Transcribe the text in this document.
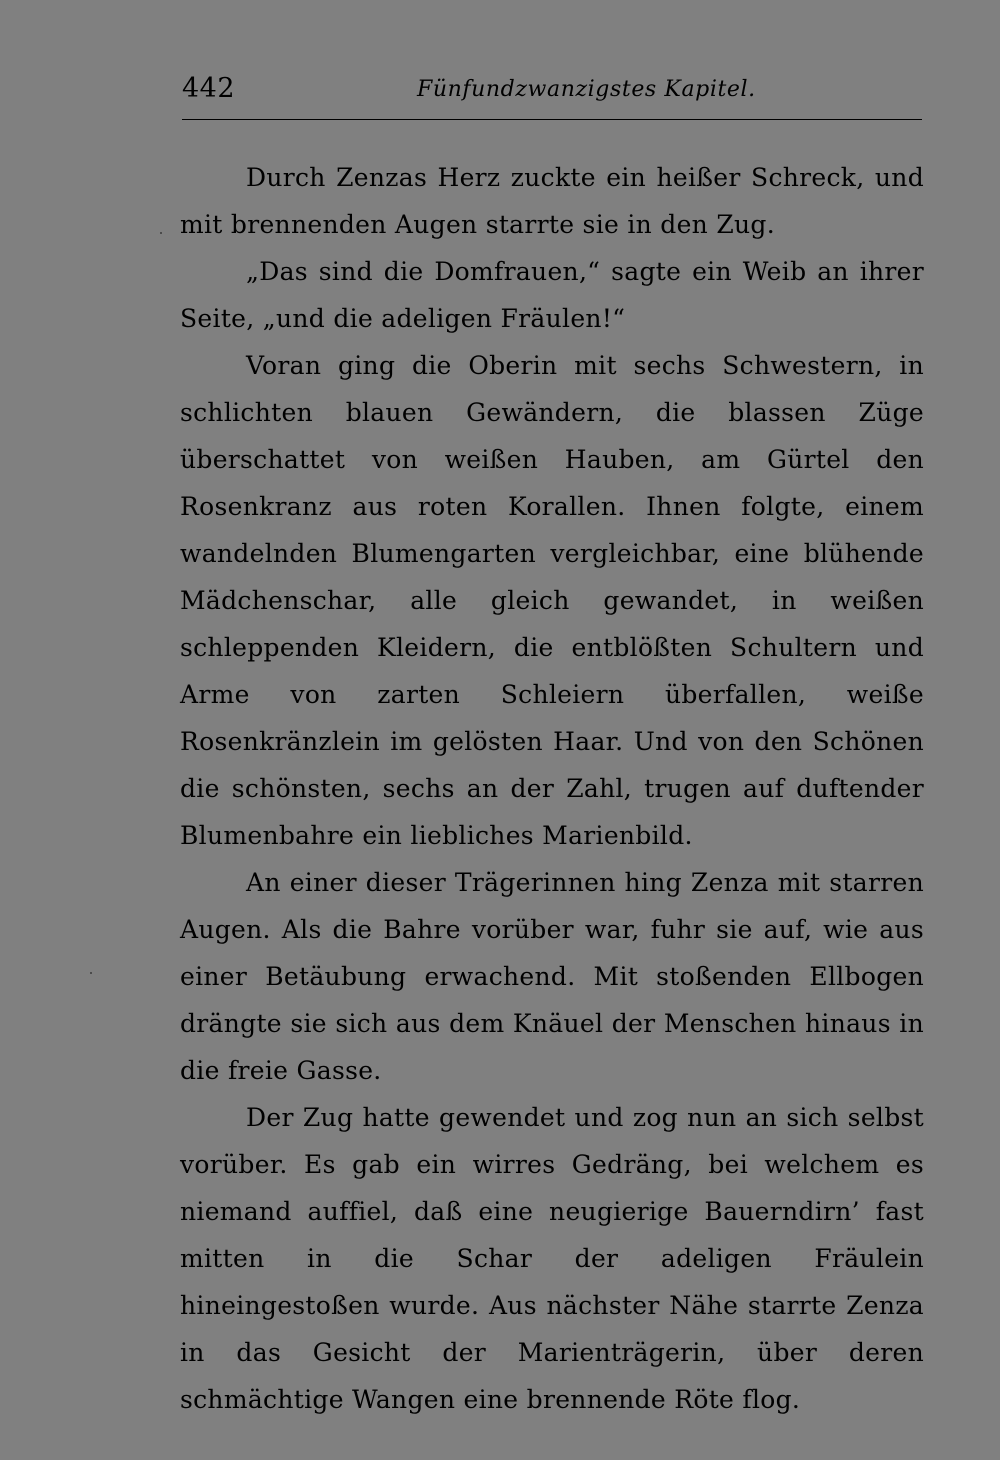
442	Fünfundzwanzigstes Kapitel.

Durch Zenzas Herz zuckte ein heißer Schreck, und mit brennenden Augen starrte sie in den Zug.

„Das sind die Domfrauen,“ sagte ein Weib an ihrer Seite, „und die adeligen Fräulen!“

Voran ging die Oberin mit sechs Schwestern, in schlichten blauen Gewändern, die blassen Züge überschattet von weißen Hauben, am Gürtel den Rosenkranz aus roten Korallen. Ihnen folgte, einem wandelnden Blumengarten vergleichbar, eine blühende Mädchenschar, alle gleich gewandet, in weißen schleppenden Kleidern, die entblößten Schultern und Arme von zarten Schleiern überfallen, weiße Rosenkränzlein im gelösten Haar. Und von den Schönen die schönsten, sechs an der Zahl, trugen auf duftender Blumenbahre ein liebliches Marienbild.

An einer dieser Trägerinnen hing Zenza mit starren Augen. Als die Bahre vorüber war, fuhr sie auf, wie aus einer Betäubung erwachend. Mit stoßenden Ellbogen drängte sie sich aus dem Knäuel der Menschen hinaus in die freie Gasse.

Der Zug hatte gewendet und zog nun an sich selbst vorüber. Es gab ein wirres Gedräng, bei welchem es niemand auffiel, daß eine neugierige Bauerndirn’ fast mitten in die Schar der adeligen Fräulein hineingestoßen wurde. Aus nächster Nähe starrte Zenza in das Gesicht der Marienträgerin, über deren schmächtige Wangen eine brennende Röte flog.
